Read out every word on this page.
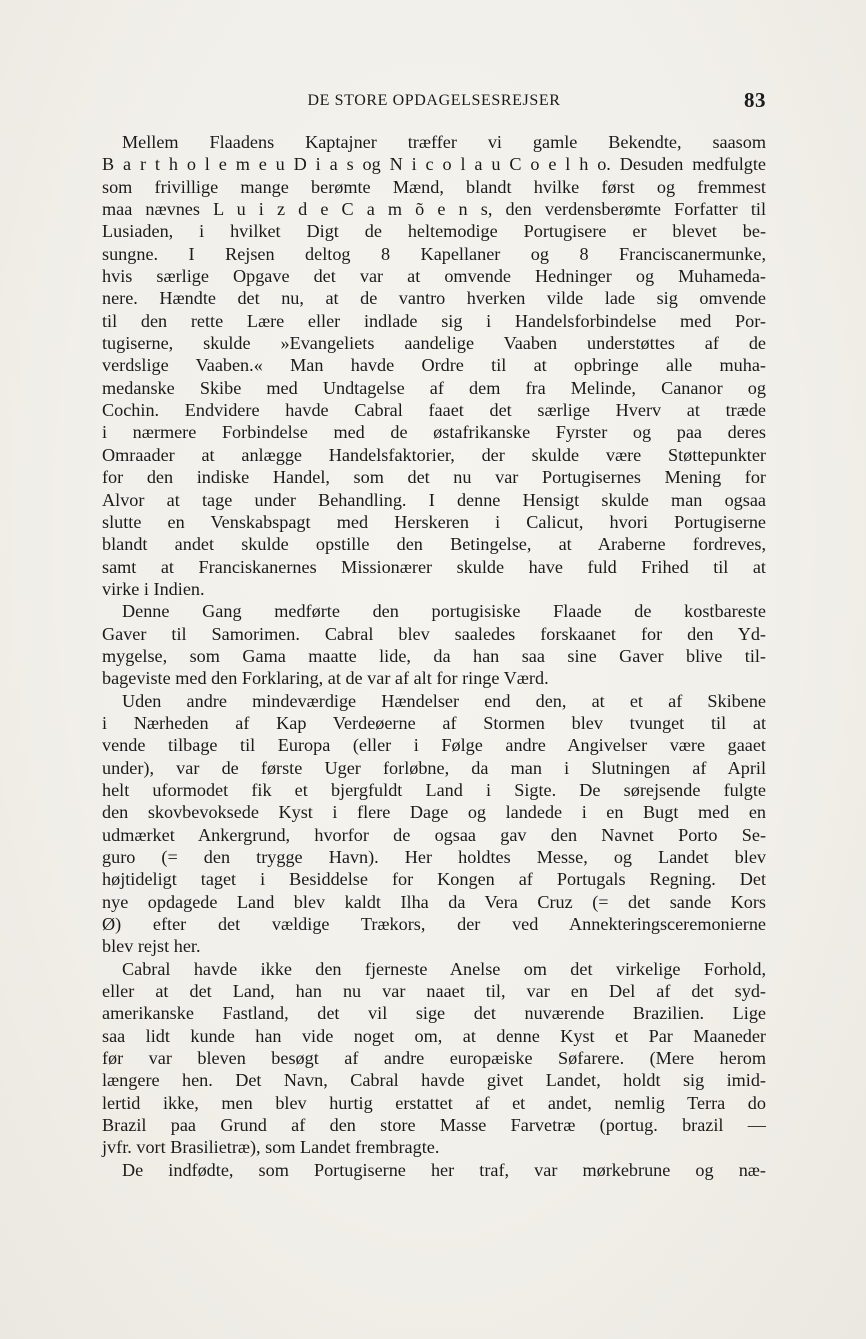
DE STORE OPDAGELSESREJSER	83
Mellem Flaadens Kaptajner træffer vi gamle Bekendte, saasom
B a r t h o l e m e u D i a s og N i c o l a u C o e l h o. Desuden medfulgte
som frivillige mange berømte Mænd, blandt hvilke først og fremmest
maa nævnes L u i z d e C a m õ e n s, den verdensberømte Forfatter til
Lusiaden, i hvilket Digt de heltemodige Portugisere er blevet be-
sungne. I Rejsen deltog 8 Kapellaner og 8 Franciscanermunke,
hvis særlige Opgave det var at omvende Hedninger og Muhameda-
nere. Hændte det nu, at de vantro hverken vilde lade sig omvende
til den rette Lære eller indlade sig i Handelsforbindelse med Por-
tugiserne, skulde »Evangeliets aandelige Vaaben understøttes af de
verdslige Vaaben.« Man havde Ordre til at opbringe alle muha-
medanske Skibe med Undtagelse af dem fra Melinde, Cananor og
Cochin. Endvidere havde Cabral faaet det særlige Hverv at træde
i nærmere Forbindelse med de østafrikanske Fyrster og paa deres
Omraader at anlægge Handelsfaktorier, der skulde være Støttepunkter
for den indiske Handel, som det nu var Portugisernes Mening for
Alvor at tage under Behandling. I denne Hensigt skulde man ogsaa
slutte en Venskabspagt med Herskeren i Calicut, hvori Portugiserne
blandt andet skulde opstille den Betingelse, at Araberne fordreves,
samt at Franciskanernes Missionærer skulde have fuld Frihed til at
virke i Indien.
Denne Gang medførte den portugisiske Flaade de kostbareste
Gaver til Samorimen. Cabral blev saaledes forskaanet for den Yd-
mygelse, som Gama maatte lide, da han saa sine Gaver blive til-
bageviste med den Forklaring, at de var af alt for ringe Værd.
Uden andre mindeværdige Hændelser end den, at et af Skibene
i Nærheden af Kap Verdeøerne af Stormen blev tvunget til at
vende tilbage til Europa (eller i Følge andre Angivelser være gaaet
under), var de første Uger forløbne, da man i Slutningen af April
helt uformodet fik et bjergfuldt Land i Sigte. De sørejsende fulgte
den skovbevoksede Kyst i flere Dage og landede i en Bugt med en
udmærket Ankergrund, hvorfor de ogsaa gav den Navnet Porto Se-
guro (= den trygge Havn). Her holdtes Messe, og Landet blev
højtideligt taget i Besiddelse for Kongen af Portugals Regning. Det
nye opdagede Land blev kaldt Ilha da Vera Cruz (= det sande Kors
Ø) efter det vældige Trækors, der ved Annekteringsceremonierne
blev rejst her.
Cabral havde ikke den fjerneste Anelse om det virkelige Forhold,
eller at det Land, han nu var naaet til, var en Del af det syd-
amerikanske Fastland, det vil sige det nuværende Brazilien. Lige
saa lidt kunde han vide noget om, at denne Kyst et Par Maaneder
før var bleven besøgt af andre europæiske Søfarere. (Mere herom
længere hen. Det Navn, Cabral havde givet Landet, holdt sig imid-
lertid ikke, men blev hurtig erstattet af et andet, nemlig Terra do
Brazil paa Grund af den store Masse Farvetræ (portug. brazil —
jvfr. vort Brasilietræ), som Landet frembragte.
De indfødte, som Portugiserne her traf, var mørkebrune og næ-
